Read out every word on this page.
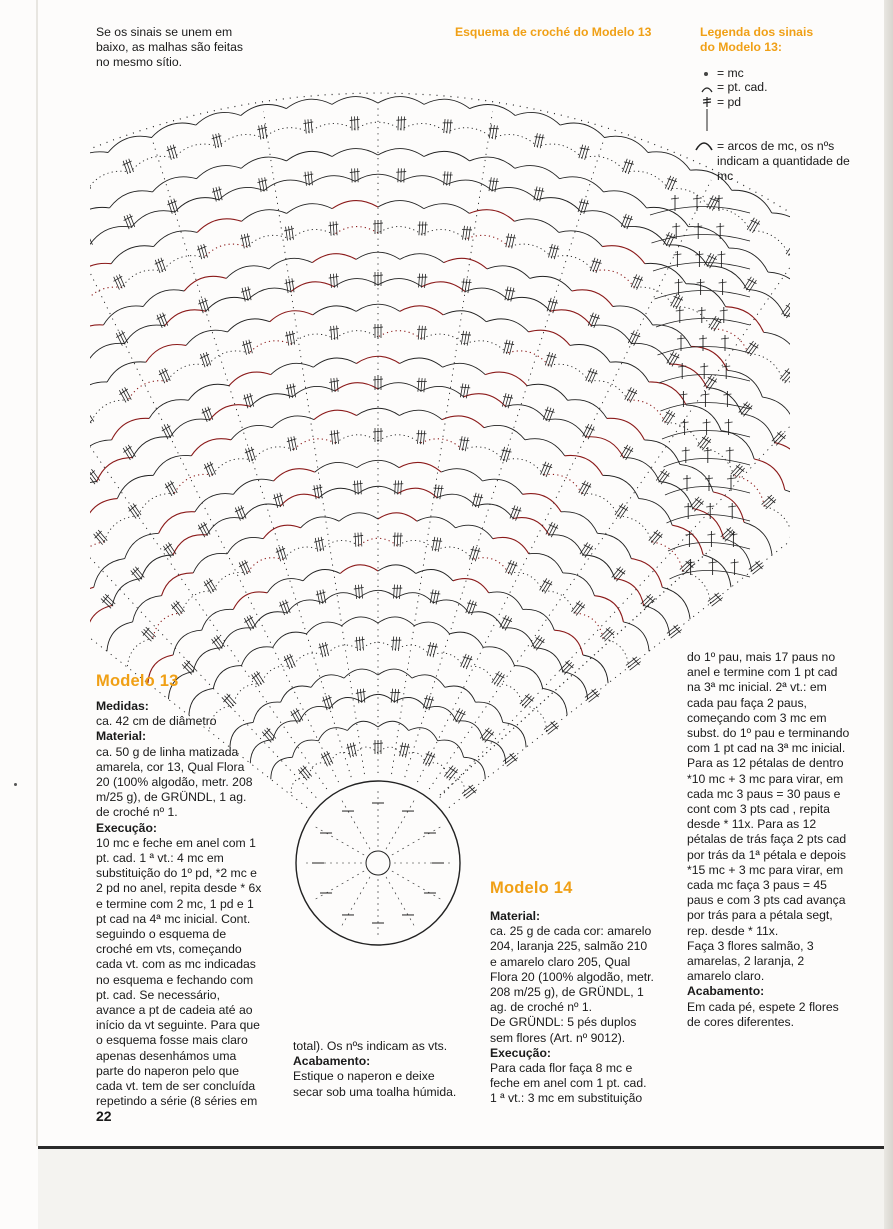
Se os sinais se unem em
baixo, as malhas são feitas
no mesmo sítio.
Esquema de croché do Modelo 13	Legenda dos sinais
do Modelo 13:
= mc
= pt. cad.
= pd
= arcos de mc, os nºs
indicam a quantidade de
mc
Modelo 13
Medidas:
ca. 42 cm de diâmetro
Material:
ca. 50 g de linha matizada
amarela, cor 13, Qual Flora
20 (100% algodão, metr. 208
m/25 g), de GRÜNDL, 1 ag.
de croché nº 1.
Execução:
10 mc e feche em anel com 1
pt. cad. 1 ª vt.: 4 mc em
substituição do 1º pd, *2 mc e
2 pd no anel, repita desde * 6x
e termine com 2 mc, 1 pd e 1
pt cad na 4ª mc inicial. Cont.
seguindo o esquema de
croché em vts, começando
cada vt. com as mc indicadas
no esquema e fechando com
pt. cad. Se necessário,
avance a pt de cadeia até ao
início da vt seguinte. Para que
o esquema fosse mais claro
apenas desenhámos uma
parte do naperon pelo que
cada vt. tem de ser concluída
repetindo a série (8 séries em
total). Os nºs indicam as vts.
Acabamento:
Estique o naperon e deixe
secar sob uma toalha húmida.
Modelo 14
Material:
ca. 25 g de cada cor: amarelo
204, laranja 225, salmão 210
e amarelo claro 205, Qual
Flora 20 (100% algodão, metr.
208 m/25 g), de GRÜNDL, 1
ag. de croché nº 1.
De GRÜNDL: 5 pés duplos
sem flores (Art. nº 9012).
Execução:
Para cada flor faça 8 mc e
feche em anel com 1 pt. cad.
1 ª vt.: 3 mc em substituição
do 1º pau, mais 17 paus no
anel e termine com 1 pt cad
na 3ª mc inicial. 2ª vt.: em
cada pau faça 2 paus,
começando com 3 mc em
subst. do 1º pau e terminando
com 1 pt cad na 3ª mc inicial.
Para as 12 pétalas de dentro
*10 mc + 3 mc para virar, em
cada mc 3 paus = 30 paus e
cont com 3 pts cad , repita
desde * 11x. Para as 12
pétalas de trás faça 2 pts cad
por trás da 1ª pétala e depois
*15 mc + 3 mc para virar, em
cada mc faça 3 paus = 45
paus e com 3 pts cad avança
por trás para a pétala segt,
rep. desde * 11x.
Faça 3 flores salmão, 3
amarelas, 2 laranja, 2
amarelo claro.
Acabamento:
Em cada pé, espete 2 flores
de cores diferentes.
22
